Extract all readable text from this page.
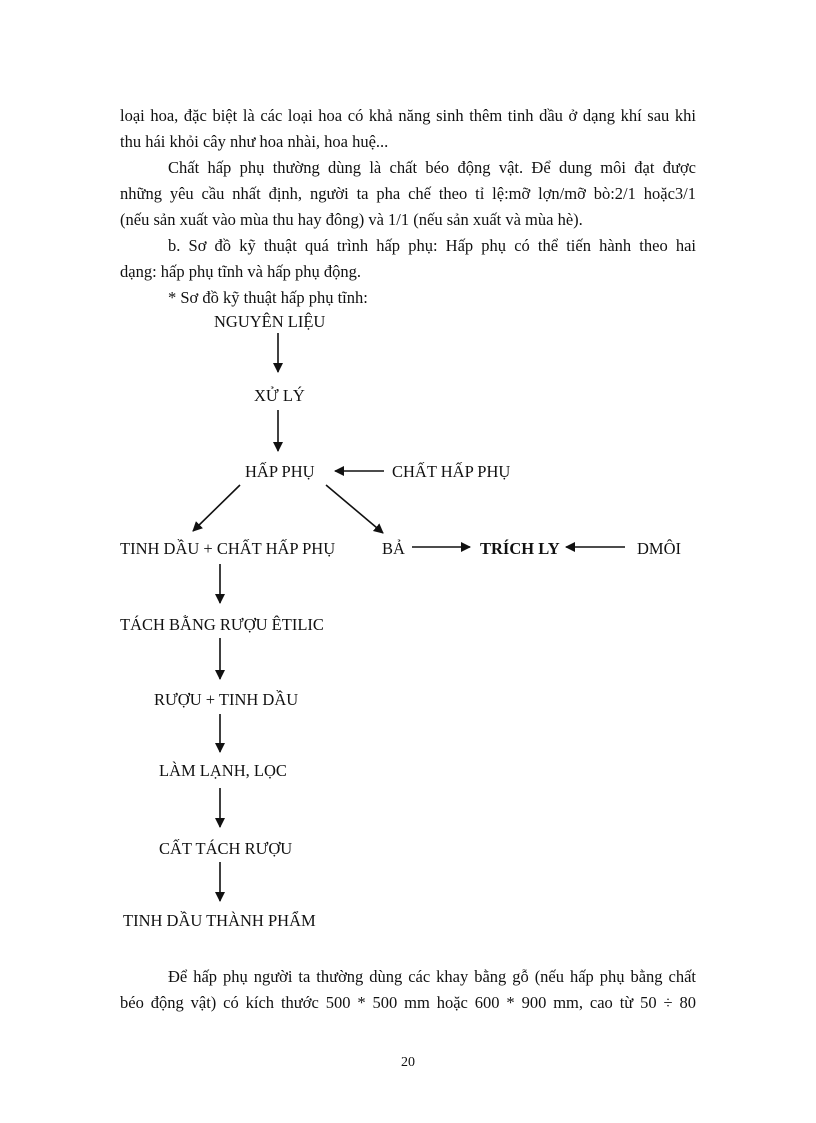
loại hoa, đặc biệt là các loại hoa có khả năng sinh thêm tinh dầu ở dạng khí sau khi
thu hái khỏi cây như hoa nhài, hoa huệ...
Chất hấp phụ thường dùng là chất béo động vật. Để dung môi đạt được
những yêu cầu nhất định, người ta pha chế theo tỉ lệ:mỡ lợn/mỡ bò:2/1 hoặc3/1
(nếu sản xuất vào mùa thu hay đông) và 1/1 (nếu sản xuất và mùa hè).
b. Sơ đồ kỹ thuật quá trình hấp phụ: Hấp phụ có thể tiến hành theo hai
dạng: hấp phụ tĩnh và hấp phụ động.
* Sơ đồ kỹ thuật hấp phụ tĩnh:
NGUYÊN LIỆU
XỬ LÝ
HẤP PHỤ	CHẤT HẤP PHỤ
TINH DẦU + CHẤT HẤP PHỤ	BẢ	TRÍCH LY	DMÔI
TÁCH BẰNG RƯỢU ÊTILIC
RƯỢU + TINH DẦU
LÀM LẠNH, LỌC
CẤT TÁCH RƯỢU
TINH DẦU THÀNH PHẨM
Để hấp phụ người ta thường dùng các khay bằng gỗ (nếu hấp phụ bằng chất
béo động vật) có kích thước 500 * 500 mm hoặc 600 * 900 mm, cao từ 50 ÷ 80
20
